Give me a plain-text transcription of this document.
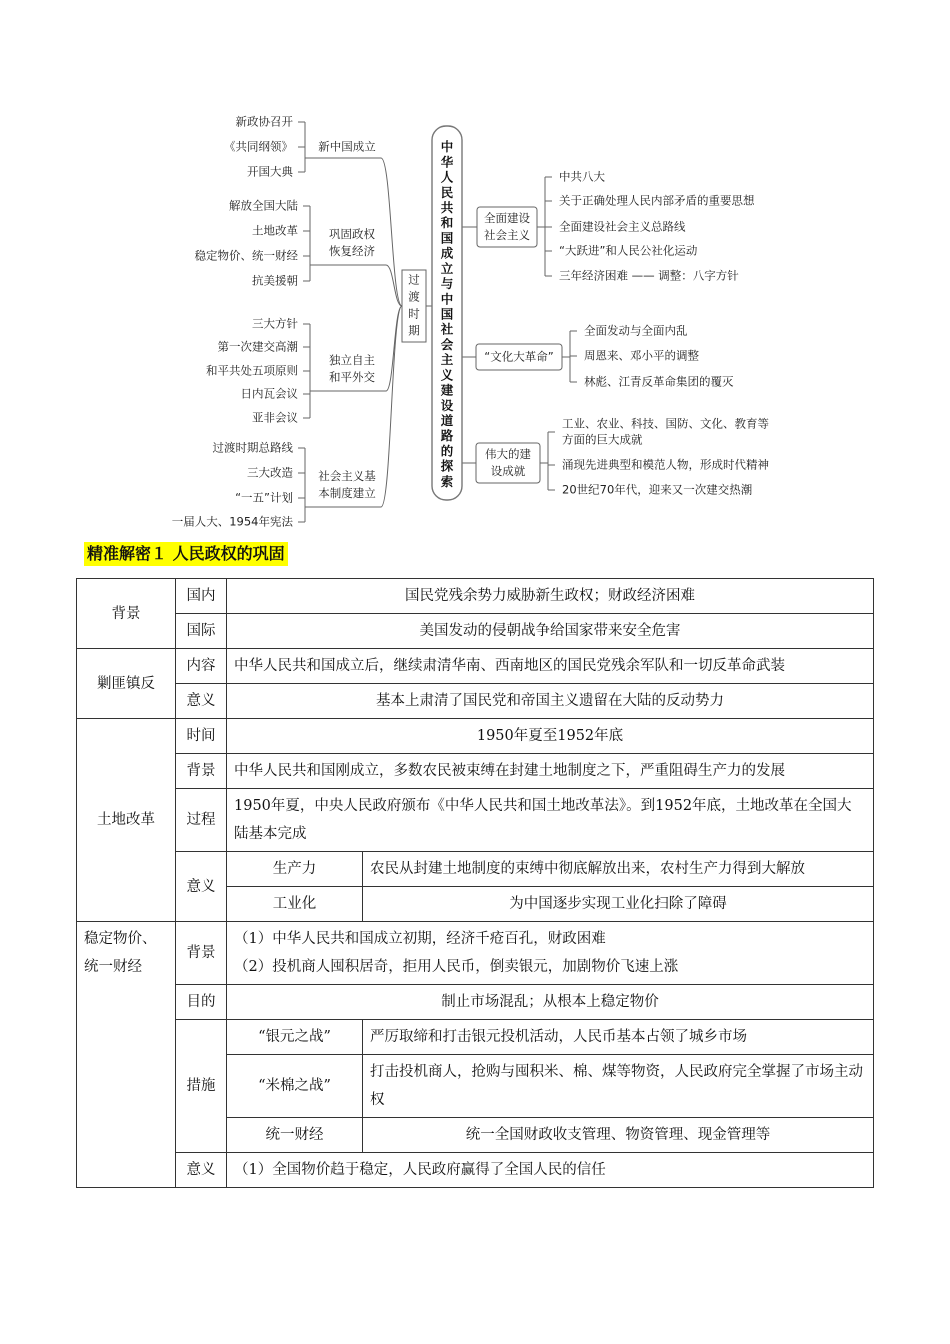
中
华
人
民
共
和
国
成
立
与
中
国
社
会
主
义
建
设
道
路
的
探
索
过
渡
时
期
新中国成立
新政协召开
《共同纲领》
开国大典
巩固政权
恢复经济
解放全国大陆
土地改革
稳定物价、统一财经
抗美援朝
独立自主
和平外交
三大方针
第一次建交高潮
和平共处五项原则
日内瓦会议
亚非会议
社会主义基
本制度建立
过渡时期总路线
三大改造
“一五”计划
一届人大、1954年宪法
全面建设
社会主义
中共八大
关于正确处理人民内部矛盾的重要思想
全面建设社会主义总路线
“大跃进”和人民公社化运动
三年经济困难 —— 调整：八字方针
“文化大革命”
全面发动与全面内乱
周恩来、邓小平的调整
林彪、江青反革命集团的覆灭
伟大的建
设成就
工业、农业、科技、国防、文化、教育等
方面的巨大成就
涌现先进典型和模范人物，形成时代精神
20世纪70年代，迎来又一次建交热潮
精准解密１ 人民政权的巩固
背景	国内	国民党残余势力威胁新生政权；财政经济困难	
	国际	美国发动的侵朝战争给国家带来安全危害	
剿匪镇反	内容	中华人民共和国成立后，继续肃清华南、西南地区的国民党残余军队和一切反革命武装	
	意义	基本上肃清了国民党和帝国主义遗留在大陆的反动势力	
土地改革	时间	1950年夏至1952年底	
	背景	中华人民共和国刚成立，多数农民被束缚在封建土地制度之下，严重阻碍生产力的发展	
	过程	1950年夏，中央人民政府颁布《中华人民共和国土地改革法》。到1952年底，土地改革在全国大陆基本完成	
	意义	生产力	农民从封建土地制度的束缚中彻底解放出来，农村生产力得到大解放
		工业化	为中国逐步实现工业化扫除了障碍
稳定物价、统一财经	背景	（1）中华人民共和国成立初期，经济千疮百孔，财政困难
（2）投机商人囤积居奇，拒用人民币，倒卖银元，加剧物价飞速上涨	

	目的	制止市场混乱；从根本上稳定物价	
	措施	“银元之战”	严厉取缔和打击银元投机活动，人民币基本占领了城乡市场
		“米棉之战”	打击投机商人，抢购与囤积米、棉、煤等物资，人民政府完全掌握了市场主动权
		统一财经	统一全国财政收支管理、物资管理、现金管理等
	意义	（1）全国物价趋于稳定，人民政府赢得了全国人民的信任	
